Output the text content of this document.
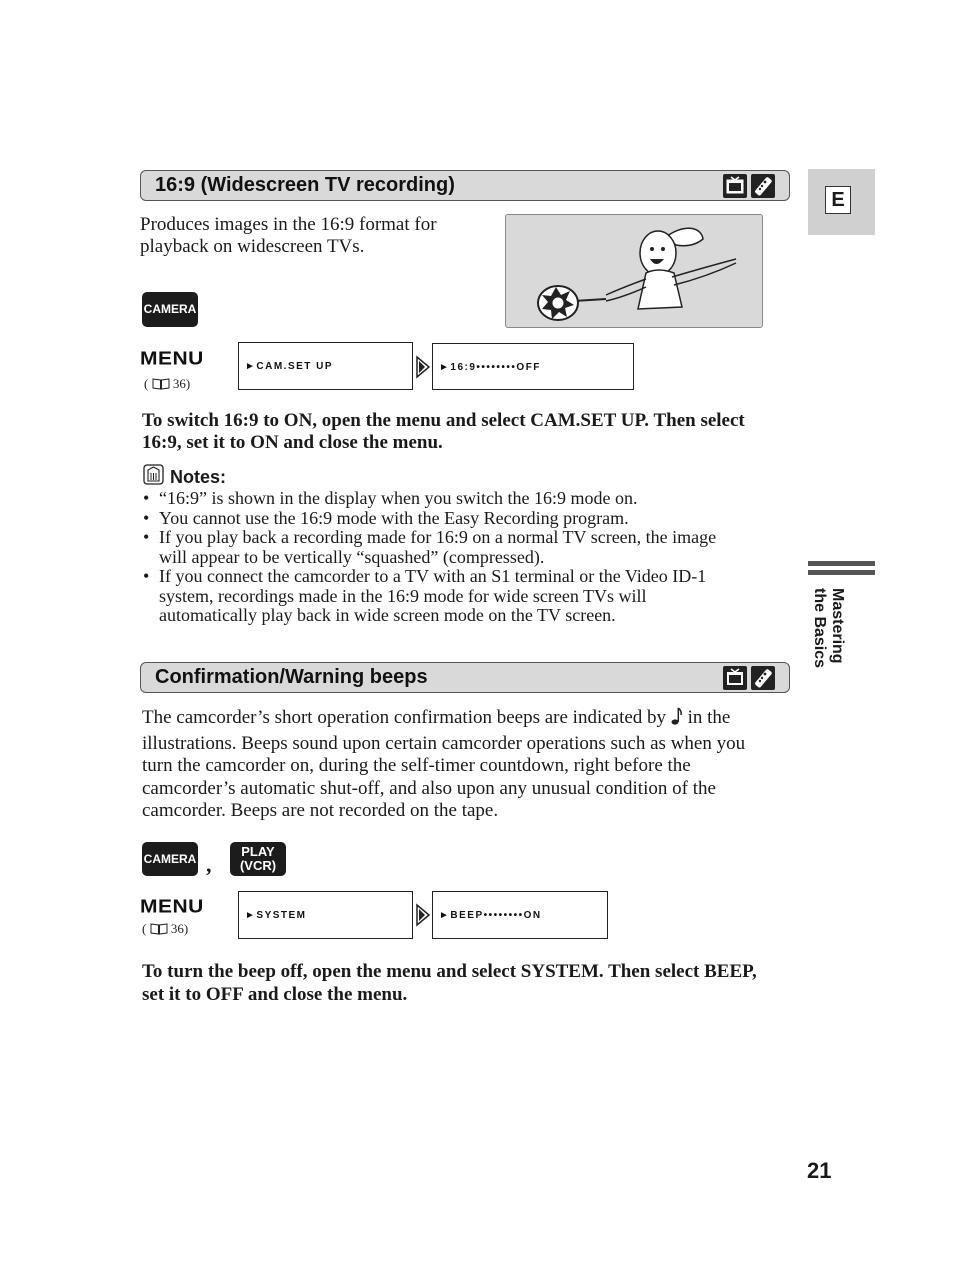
E
Mastering
the Basics
16:9 (Widescreen TV recording)
Produces images in the 16:9 format for
playback on widescreen TVs.
CAMERA
MENU
(  36)
►CAM.SET UP	►16:9••••••••OFF
To switch 16:9 to ON, open the menu and select CAM.SET UP. Then select
16:9, set it to ON and close the menu.
Notes:
• “16:9” is shown in the display when you switch the 16:9 mode on.
• You cannot use the 16:9 mode with the Easy Recording program.
• If you play back a recording made for 16:9 on a normal TV screen, the image
will appear to be vertically “squashed” (compressed).
• If you connect the camcorder to a TV with an S1 terminal or the Video ID-1
system, recordings made in the 16:9 mode for wide screen TVs will
automatically play back in wide screen mode on the TV screen.
Confirmation/Warning beeps
The camcorder’s short operation confirmation beeps are indicated by in the
illustrations. Beeps sound upon certain camcorder operations such as when you
turn the camcorder on, during the self-timer countdown, right before the
camcorder’s automatic shut-off, and also upon any unusual condition of the
camcorder. Beeps are not recorded on the tape.
CAMERA ,
PLAY
(VCR)
MENU
(  36)
►SYSTEM	►BEEP••••••••ON
To turn the beep off, open the menu and select SYSTEM. Then select BEEP,
set it to OFF and close the menu.
21
